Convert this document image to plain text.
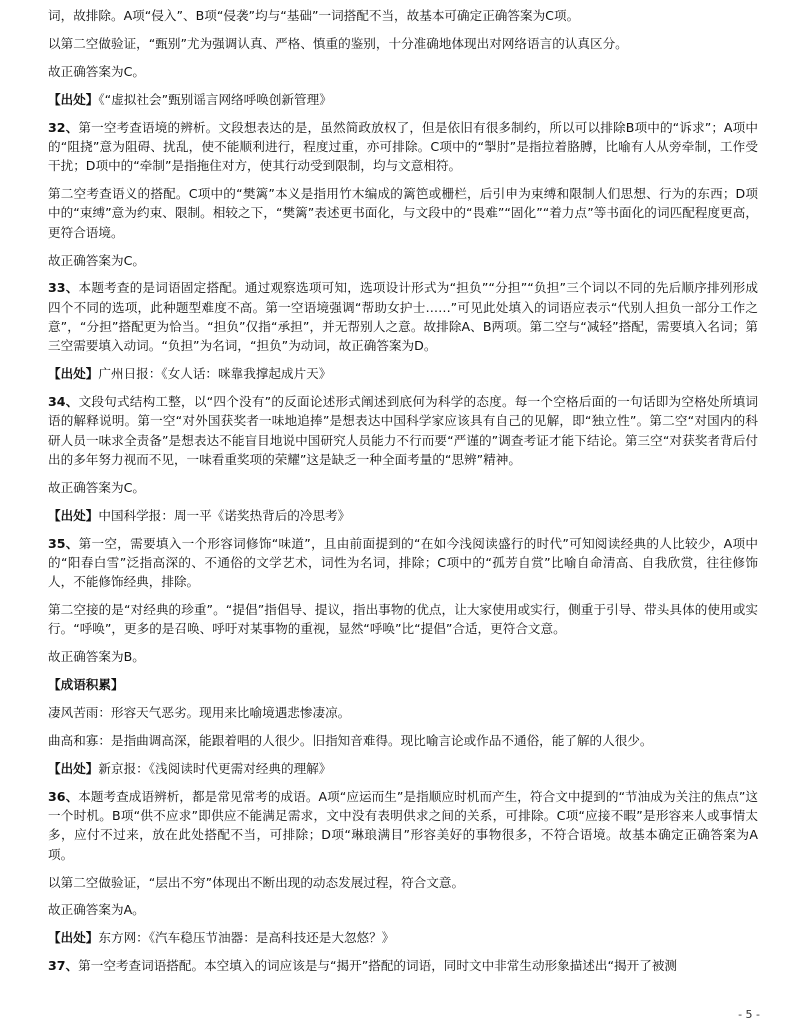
词，故排除。A项“侵入”、B项“侵袭”均与“基础”一词搭配不当，故基本可确定正确答案为C项。

以第二空做验证，“甄别”尤为强调认真、严格、慎重的鉴别，十分准确地体现出对网络语言的认真区分。

故正确答案为C。

【出处】《“虚拟社会”甄别谣言网络呼唤创新管理》

32、第一空考查语境的辨析。文段想表达的是，虽然简政放权了，但是依旧有很多制约，所以可以排除B项中的“诉求”；A项中的“阻挠”意为阻碍、扰乱，使不能顺利进行，程度过重，亦可排除。C项中的“掣肘”是指拉着胳膊，比喻有人从旁牵制，工作受干扰；D项中的“牵制”是指拖住对方，使其行动受到限制，均与文意相符。

第二空考查语义的搭配。C项中的“樊篱”本义是指用竹木编成的篱笆或栅栏，后引申为束缚和限制人们思想、行为的东西；D项中的“束缚”意为约束、限制。相较之下，“樊篱”表述更书面化，与文段中的“畏难”“固化”“着力点”等书面化的词匹配程度更高，更符合语境。

故正确答案为C。

33、本题考查的是词语固定搭配。通过观察选项可知，选项设计形式为“担负”“分担”“负担”三个词以不同的先后顺序排列形成四个不同的选项，此种题型难度不高。第一空语境强调“帮助女护士……”可见此处填入的词语应表示“代别人担负一部分工作之意”，“分担”搭配更为恰当。“担负”仅指“承担”，并无帮别人之意。故排除A、B两项。第二空与“减轻”搭配，需要填入名词；第三空需要填入动词。“负担”为名词，“担负”为动词，故正确答案为D。

【出处】广州日报：《女人话：咪靠我撑起成片天》

34、文段句式结构工整，以“四个没有”的反面论述形式阐述到底何为科学的态度。每一个空格后面的一句话即为空格处所填词语的解释说明。第一空“对外国获奖者一味地追捧”是想表达中国科学家应该具有自己的见解，即“独立性”。第二空“对国内的科研人员一味求全责备”是想表达不能盲目地说中国研究人员能力不行而要“严谨的”调查考证才能下结论。第三空“对获奖者背后付出的多年努力视而不见，一味看重奖项的荣耀”这是缺乏一种全面考量的“思辨”精神。

故正确答案为C。

【出处】中国科学报：周一平《诺奖热背后的冷思考》

35、第一空，需要填入一个形容词修饰“味道”，且由前面提到的“在如今浅阅读盛行的时代”可知阅读经典的人比较少，A项中的“阳春白雪”泛指高深的、不通俗的文学艺术，词性为名词，排除；C项中的“孤芳自赏”比喻自命清高、自我欣赏，往往修饰人，不能修饰经典，排除。

第二空接的是“对经典的珍重”。“提倡”指倡导、提议，指出事物的优点，让大家使用或实行，侧重于引导、带头具体的使用或实行。“呼唤”，更多的是召唤、呼吁对某事物的重视，显然“呼唤”比“提倡”合适，更符合文意。

故正确答案为B。

【成语积累】

凄风苦雨：形容天气恶劣。现用来比喻境遇悲惨凄凉。

曲高和寡：是指曲调高深，能跟着唱的人很少。旧指知音难得。现比喻言论或作品不通俗，能了解的人很少。

【出处】新京报：《浅阅读时代更需对经典的理解》

36、本题考查成语辨析，都是常见常考的成语。A项“应运而生”是指顺应时机而产生，符合文中提到的“节油成为关注的焦点”这一个时机。B项“供不应求”即供应不能满足需求，文中没有表明供求之间的关系，可排除。C项“应接不暇”是形容来人或事情太多，应付不过来，放在此处搭配不当，可排除；D项“琳琅满目”形容美好的事物很多，不符合语境。故基本确定正确答案为A项。

以第二空做验证，“层出不穷”体现出不断出现的动态发展过程，符合文意。

故正确答案为A。

【出处】东方网：《汽车稳压节油器：是高科技还是大忽悠？》

37、第一空考查词语搭配。本空填入的词应该是与“揭开”搭配的词语，同时文中非常生动形象描述出“揭开了被测

- 5 -
